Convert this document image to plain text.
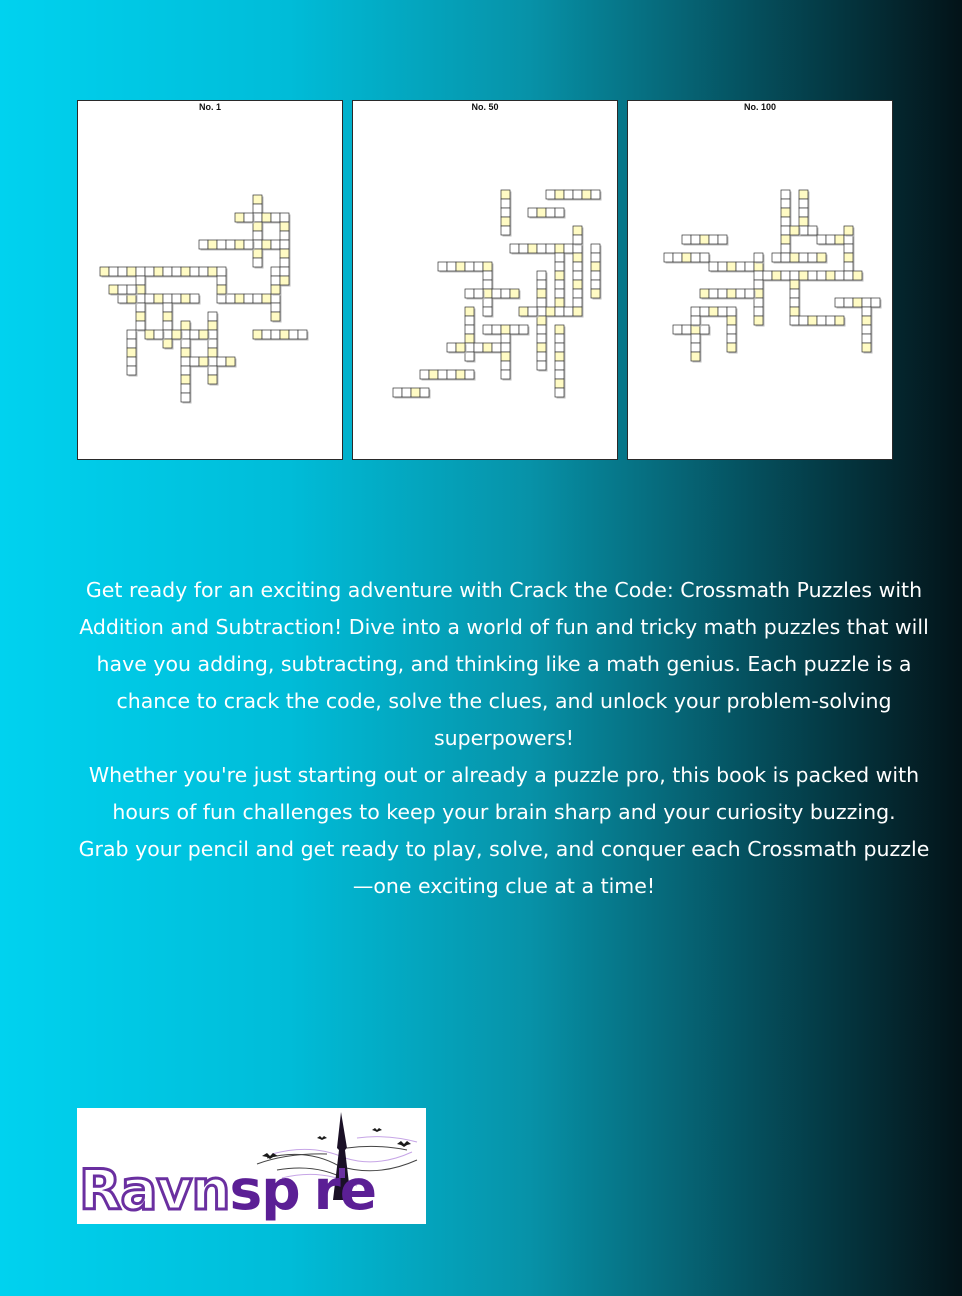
No. 1	No. 50	No. 100

Get ready for an exciting adventure with Crack the Code: Crossmath Puzzles with Addition and Subtraction! Dive into a world of fun and tricky math puzzles that will have you adding, subtracting, and thinking like a math genius. Each puzzle is a chance to crack the code, solve the clues, and unlock your problem-solving superpowers!

Whether you're just starting out or already a puzzle pro, this book is packed with hours of fun challenges to keep your brain sharp and your curiosity buzzing.

Grab your pencil and get ready to play, solve, and conquer each Crossmath puzzle—one exciting clue at a time!

Ravnsp re
